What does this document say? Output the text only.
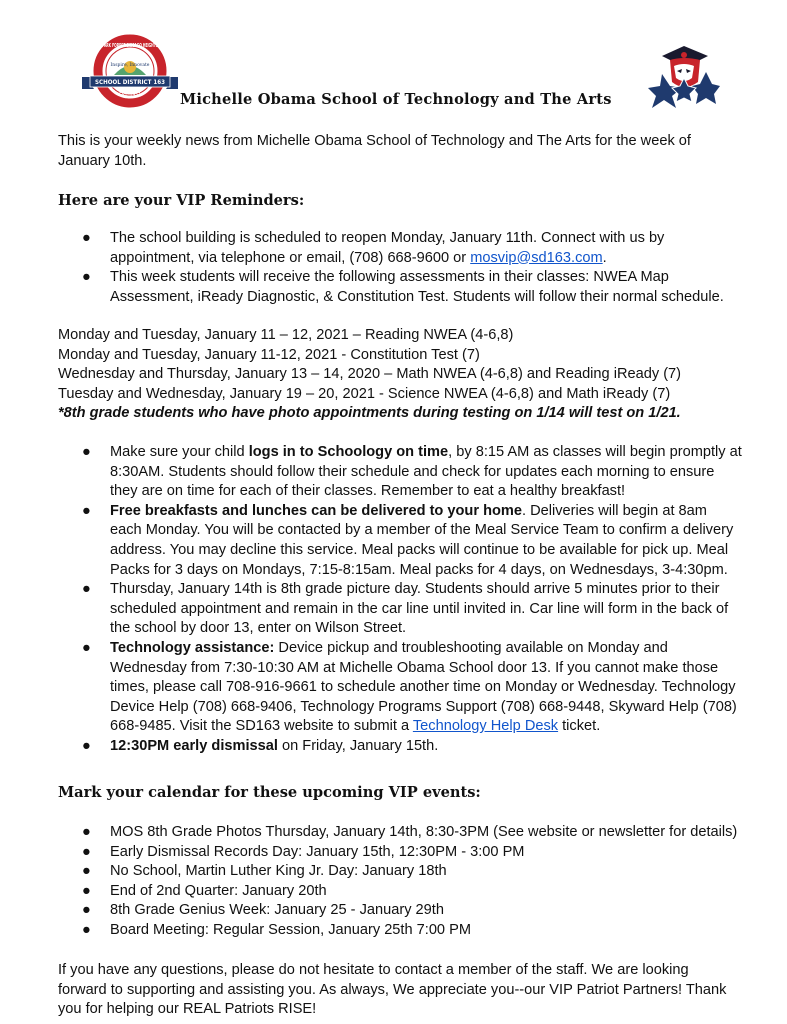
Inspire, Innovate
PARK FOREST-CHICAGO HEIGHTS
SCHOOL DISTRICT 163
EST. 1951	Michelle Obama School of Technology and The Arts

This is your weekly news from Michelle Obama School of Technology and The Arts for the week of January 10th.

Here are your VIP Reminders:
● The school building is scheduled to reopen Monday, January 11th. Connect with us by appointment, via telephone or email, (708) 668-9600 or mosvip@sd163.com.
● This week students will receive the following assessments in their classes: NWEA Map Assessment, iReady Diagnostic, & Constitution Test. Students will follow their normal schedule.
Monday and Tuesday, January 11 – 12, 2021 – Reading NWEA (4-6,8)
Monday and Tuesday, January 11-12, 2021 - Constitution Test (7)
Wednesday and Thursday, January 13 – 14, 2020 – Math NWEA (4-6,8) and Reading iReady (7)
Tuesday and Wednesday, January 19 – 20, 2021 - Science NWEA (4-6,8) and Math iReady (7)
*8th grade students who have photo appointments during testing on 1/14 will test on 1/21.
● Make sure your child logs in to Schoology on time, by 8:15 AM as classes will begin promptly at 8:30AM. Students should follow their schedule and check for updates each morning to ensure they are on time for each of their classes. Remember to eat a healthy breakfast!
● Free breakfasts and lunches can be delivered to your home. Deliveries will begin at 8am each Monday. You will be contacted by a member of the Meal Service Team to confirm a delivery address. You may decline this service. Meal packs will continue to be available for pick up. Meal Packs for 3 days on Mondays, 7:15-8:15am. Meal packs for 4 days, on Wednesdays, 3-4:30pm.
● Thursday, January 14th is 8th grade picture day. Students should arrive 5 minutes prior to their scheduled appointment and remain in the car line until invited in. Car line will form in the back of the school by door 13, enter on Wilson Street.
● Technology assistance: Device pickup and troubleshooting available on Monday and Wednesday from 7:30-10:30 AM at Michelle Obama School door 13. If you cannot make those times, please call 708-916-9661 to schedule another time on Monday or Wednesday. Technology Device Help (708) 668-9406, Technology Programs Support (708) 668-9448, Skyward Help (708) 668-9485. Visit the SD163 website to submit a Technology Help Desk ticket.
● 12:30PM early dismissal on Friday, January 15th.
Mark your calendar for these upcoming VIP events:
● MOS 8th Grade Photos Thursday, January 14th, 8:30-3PM (See website or newsletter for details)
● Early Dismissal Records Day: January 15th, 12:30PM - 3:00 PM
● No School, Martin Luther King Jr. Day: January 18th
● End of 2nd Quarter: January 20th
● 8th Grade Genius Week: January 25 - January 29th
● Board Meeting: Regular Session, January 25th 7:00 PM

If you have any questions, please do not hesitate to contact a member of the staff. We are looking forward to supporting and assisting you. As always, We appreciate you--our VIP Patriot Partners! Thank you for helping our REAL Patriots RISE!
